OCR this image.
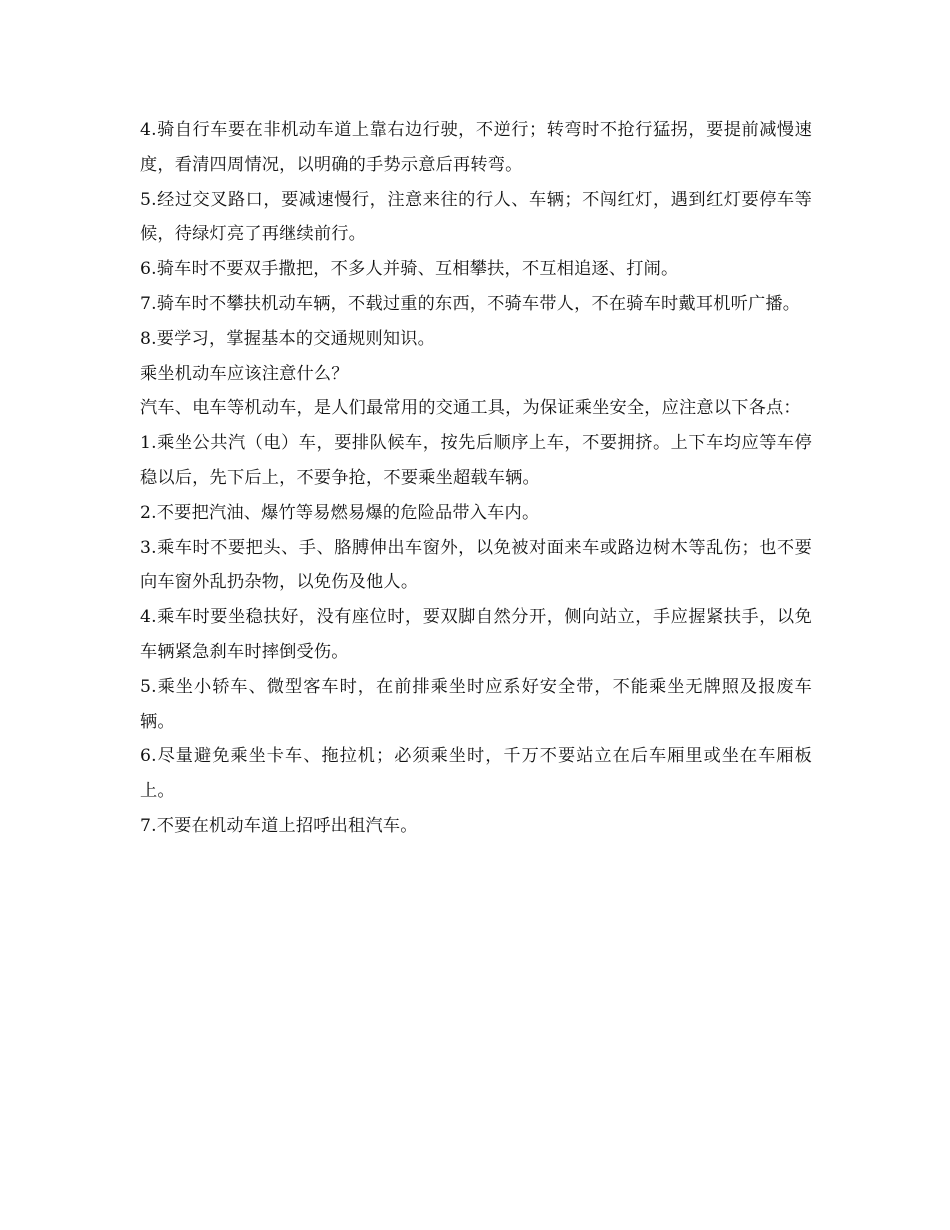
4.骑自行车要在非机动车道上靠右边行驶，不逆行；转弯时不抢行猛拐，要提前减慢速度，看清四周情况，以明确的手势示意后再转弯。

5.经过交叉路口，要减速慢行，注意来往的行人、车辆；不闯红灯，遇到红灯要停车等候，待绿灯亮了再继续前行。

6.骑车时不要双手撒把，不多人并骑、互相攀扶，不互相追逐、打闹。

7.骑车时不攀扶机动车辆，不载过重的东西，不骑车带人，不在骑车时戴耳机听广播。

8.要学习，掌握基本的交通规则知识。

乘坐机动车应该注意什么？

汽车、电车等机动车，是人们最常用的交通工具，为保证乘坐安全，应注意以下各点：

1.乘坐公共汽（电）车，要排队候车，按先后顺序上车，不要拥挤。上下车均应等车停稳以后，先下后上，不要争抢，不要乘坐超载车辆。

2.不要把汽油、爆竹等易燃易爆的危险品带入车内。

3.乘车时不要把头、手、胳膊伸出车窗外，以免被对面来车或路边树木等乱伤；也不要向车窗外乱扔杂物，以免伤及他人。

4.乘车时要坐稳扶好，没有座位时，要双脚自然分开，侧向站立，手应握紧扶手，以免车辆紧急刹车时摔倒受伤。

5.乘坐小轿车、微型客车时，在前排乘坐时应系好安全带，不能乘坐无牌照及报废车辆。

6.尽量避免乘坐卡车、拖拉机；必须乘坐时，千万不要站立在后车厢里或坐在车厢板上。

7.不要在机动车道上招呼出租汽车。
